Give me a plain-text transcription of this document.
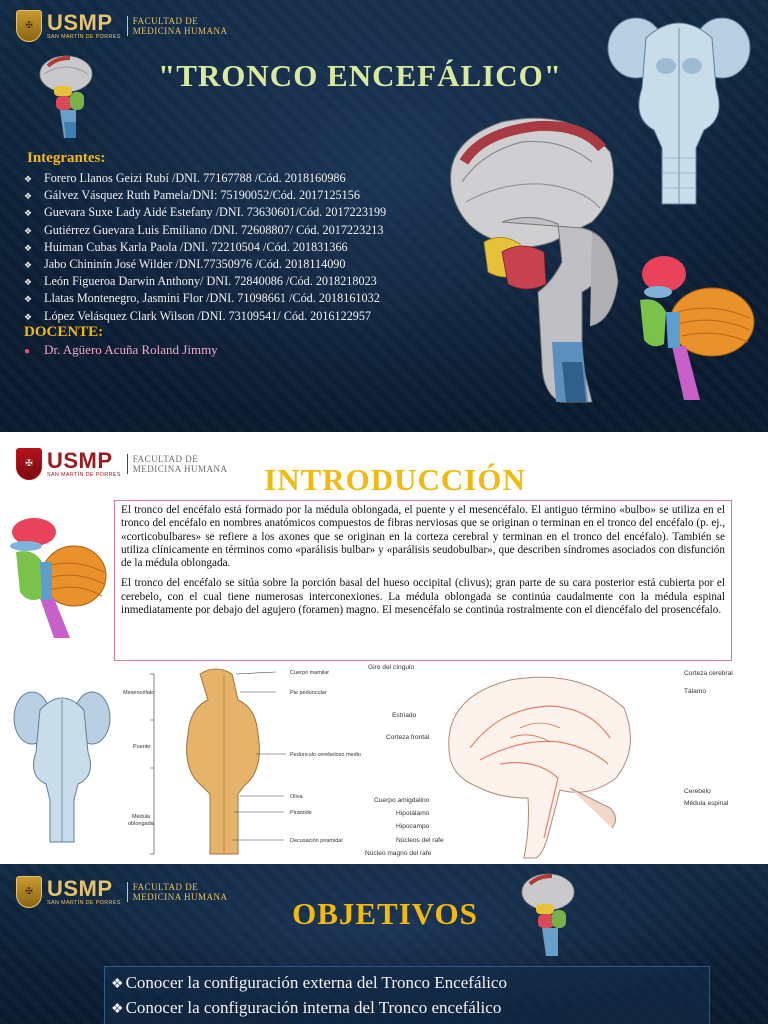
✠ USMP
SAN MARTÍN DE PORRES
FACULTAD DE
MEDICINA HUMANA
"TRONCO ENCEFÁLICO"
Integrantes:
❖ Forero Llanos Geizi Rubí /DNI. 77167788 /Cód. 2018160986
❖ Gálvez Vásquez Ruth Pamela/DNI: 75190052/Cód. 2017125156
❖ Guevara Suxe Lady Aidé Estefany /DNI. 73630601/Cód. 2017223199
❖ Gutiérrez Guevara Luis Emiliano /DNI. 72608807/ Cód. 2017223213
❖ Huiman Cubas Karla Paola /DNI. 72210504 /Cód. 201831366
❖ Jabo Chininín José Wilder /DNI.77350976 /Cód. 2018114090
❖ León Figueroa Darwin Anthony/ DNI. 72840086 /Cód. 2018218023
❖ Llatas Montenegro, Jasmini Flor /DNI. 71098661 /Cód. 2018161032
❖ López Velásquez Clark Wilson /DNI. 73109541/ Cód. 2016122957
DOCENTE:
● Dr. Agüero Acuña Roland Jimmy
✠ USMP
SAN MARTÍN DE PORRES
FACULTAD DE
MEDICINA HUMANA	INTRODUCCIÓN

El tronco del encéfalo está formado por la médula oblongada, el puente y el mesencéfalo. El antiguo término «bulbo» se utiliza en el tronco del encéfalo en nombres anatómicos compuestos de fibras nerviosas que se originan o terminan en el tronco del encéfalo (p. ej., «corticobulbares» se refiere a los axones que se originan en la corteza cerebral y terminan en el tronco del encéfalo). También se utiliza clínicamente en términos como «parálisis bulbar» y «parálisis seudobulbar», que describen síndromes asociados con disfunción de la médula oblongada.

El tronco del encéfalo se sitúa sobre la porción basal del hueso occipital (clivus); gran parte de su cara posterior está cubierta por el cerebelo, con el cual tiene numerosas interconexiones. La médula oblongada se continúa caudalmente con la médula espinal inmediatamente por debajo del agujero (foramen) magno. El mesencéfalo se continúa rostralmente con el diencéfalo del prosencéfalo.

Mesencéfalo
Puente
Médula
oblongada
Cuerpo mamilar
Pie peduncular
Pedúnculo cerebeloso medio
Oliva
Pirámide
Decusación piramidal
Giro del cíngulo
Corteza cerebral
Tálamo
Estriado
Corteza frontal
Cerebelo
Médula espinal
Cuerpo amigdalino
Hipotálamo
Hipocampo
Núcleos del rafe
Núcleo magno del rafe
✠ USMP
SAN MARTÍN DE PORRES
FACULTAD DE
MEDICINA HUMANA	OBJETIVOS
❖ Conocer la configuración externa del Tronco Encefálico
❖ Conocer la configuración interna del Tronco encefálico
